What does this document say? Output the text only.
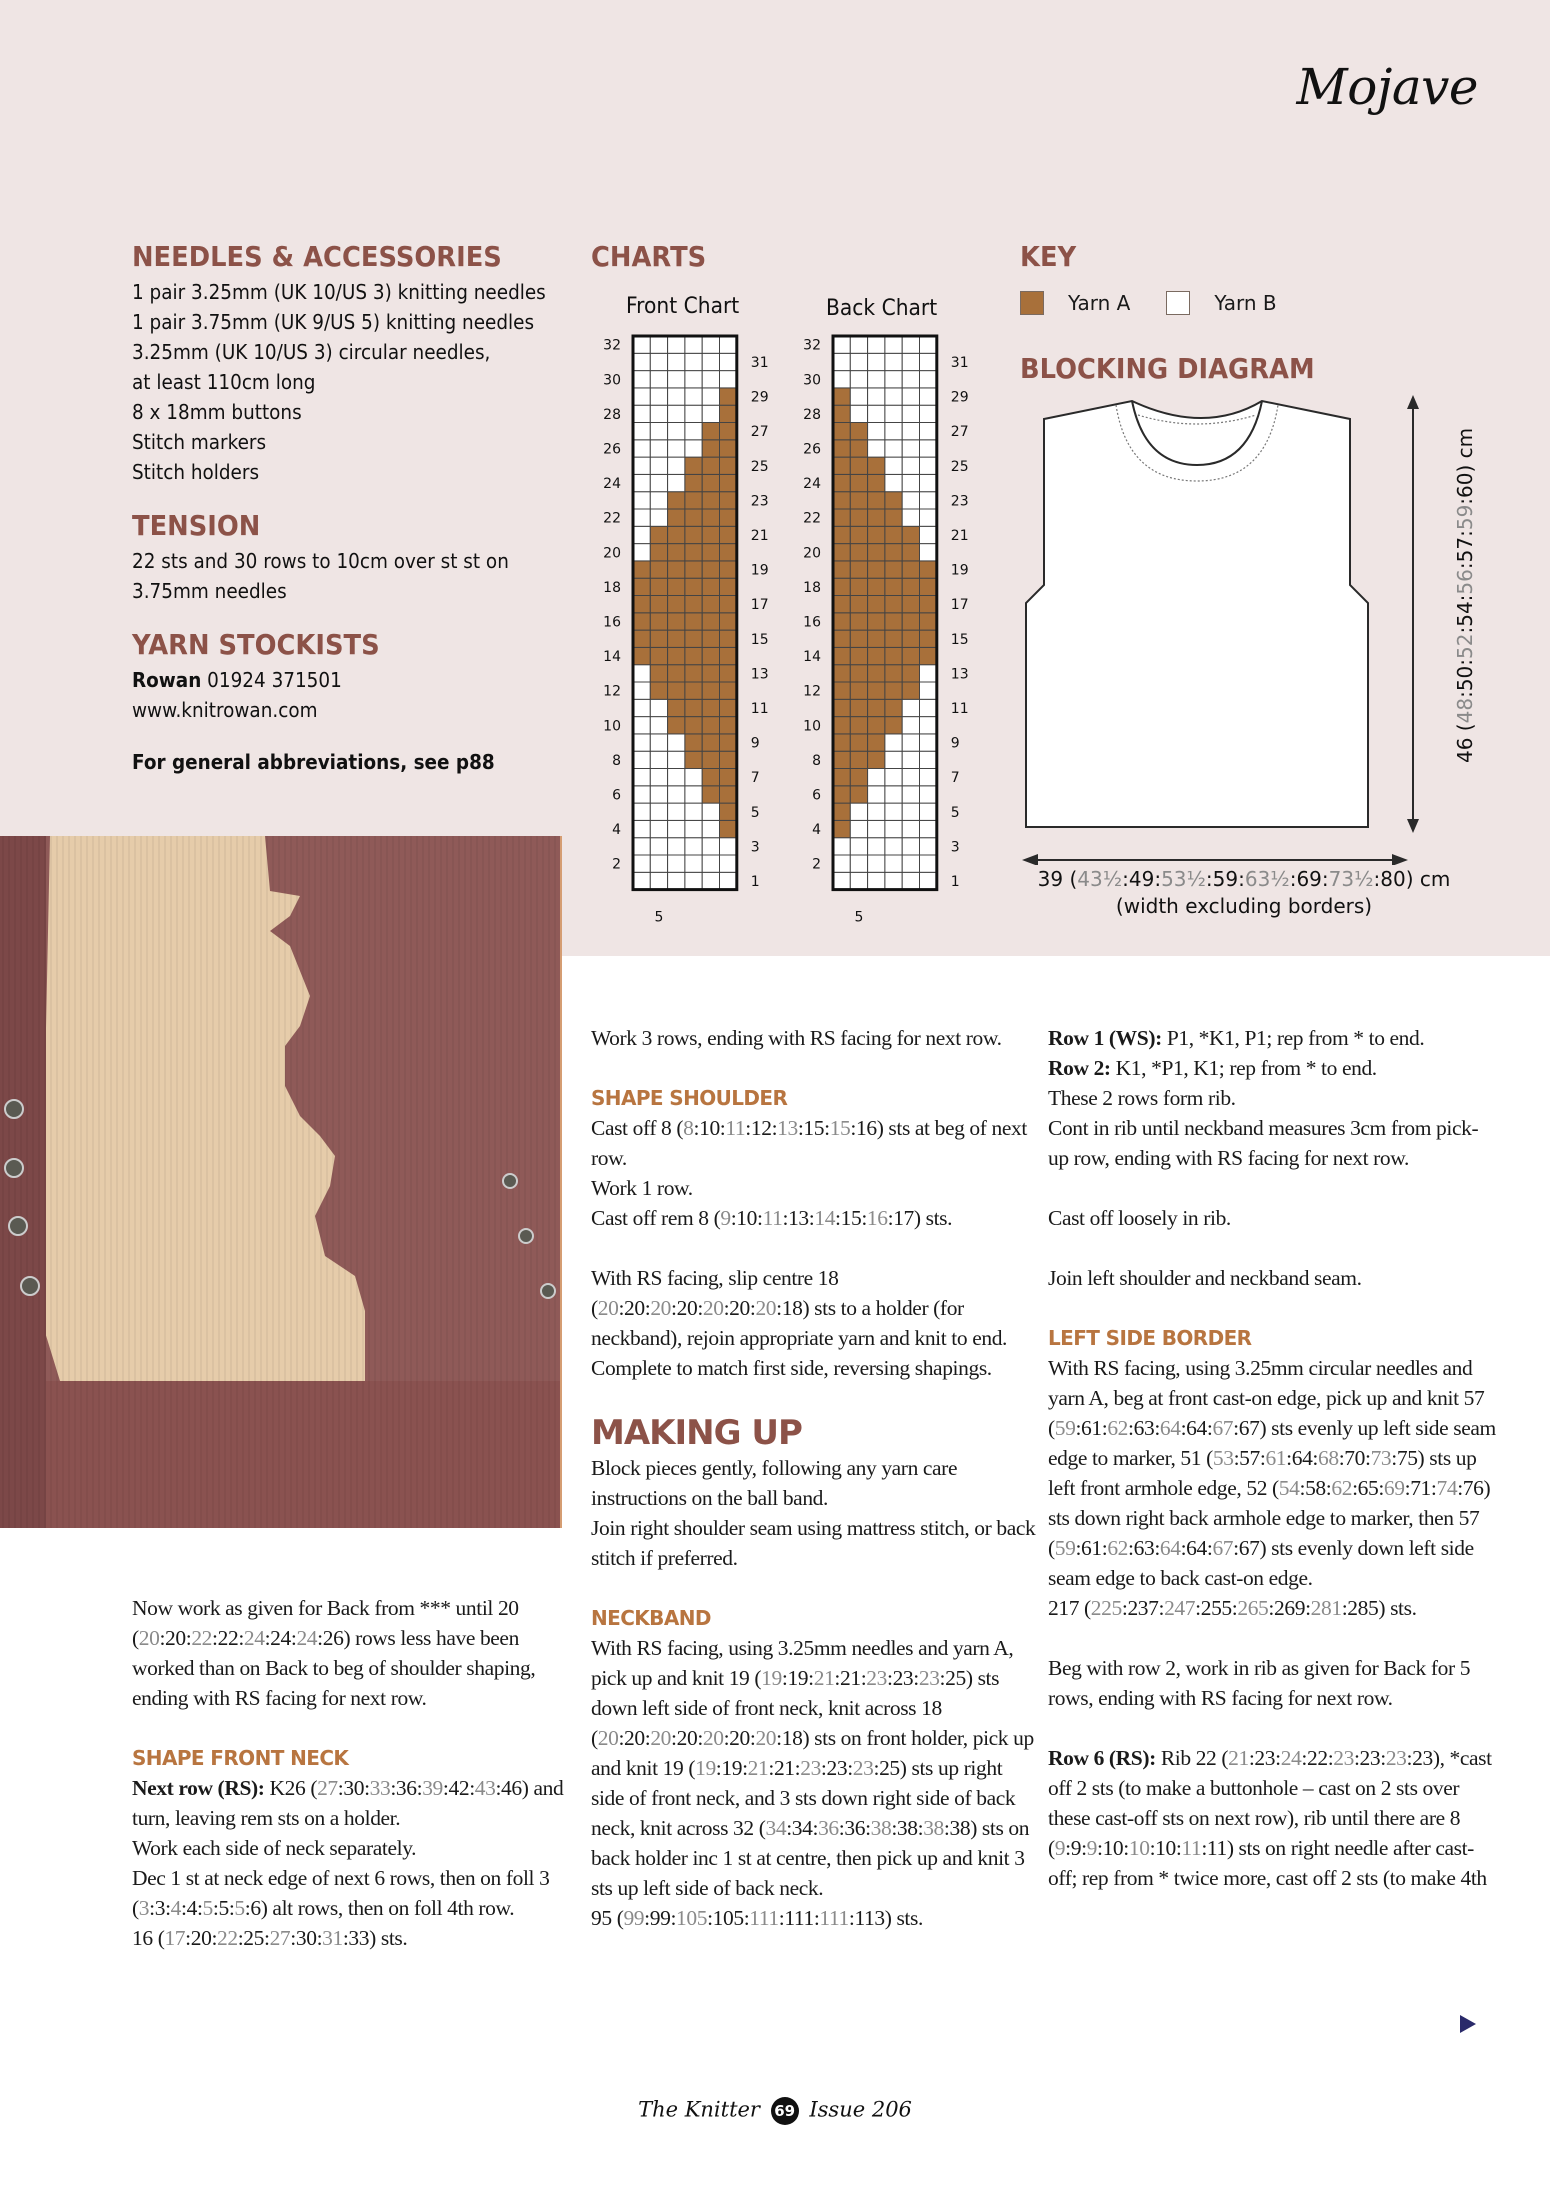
Mojave
NEEDLES & ACCESSORIES
1 pair 3.25mm (UK 10/US 3) knitting needles
1 pair 3.75mm (UK 9/US 5) knitting needles
3.25mm (UK 10/US 3) circular needles,
at least 110cm long
8 x 18mm buttons
Stitch markers
Stitch holders
TENSION
22 sts and 30 rows to 10cm over st st on
3.75mm needles
YARN STOCKISTS
Rowan 01924 371501
www.knitrowan.com
For general abbreviations, see p88
CHARTS
Front Chart	Back Chart
32
30
28
26
24
22
20
18
16
14
12
10
8
6
4
2
31
29
27
25
23
21
19
17
15
13
11
9
7
5
3
1
5
32
30
28
26
24
22
20
18
16
14
12
10
8
6
4
2
31
29
27
25
23
21
19
17
15
13
11
9
7
5
3
1
5
KEY
Yarn A	Yarn B
BLOCKING DIAGRAM
39 (43½:49:53½:59:63½:69:73½:80) cm
(width excluding borders)
46 (48:50:52:54:56:57:59:60) cm

Now work as given for Back from *** until 20 (20:20:22:22:24:24:24:26) rows less have been worked than on Back to beg of shoulder shaping, ending with RS facing for next row.

SHAPE FRONT NECK

Next row (RS): K26 (27:30:33:36:39:42:43:46) and turn, leaving rem sts on a holder.
Work each side of neck separately.
Dec 1 st at neck edge of next 6 rows, then on foll 3 (3:3:4:4:5:5:5:6) alt rows, then on foll 4th row.
16 (17:20:22:25:27:30:31:33) sts.

Work 3 rows, ending with RS facing for next row.

SHAPE SHOULDER

Cast off 8 (8:10:11:12:13:15:15:16) sts at beg of next row.
Work 1 row.
Cast off rem 8 (9:10:11:13:14:15:16:17) sts.

With RS facing, slip centre 18 (20:20:20:20:20:20:20:18) sts to a holder (for neckband), rejoin appropriate yarn and knit to end. Complete to match first side, reversing shapings.

MAKING UP

Block pieces gently, following any yarn care instructions on the ball band.
Join right shoulder seam using mattress stitch, or back stitch if preferred.

NECKBAND

With RS facing, using 3.25mm needles and yarn A, pick up and knit 19 (19:19:21:21:23:23:23:25) sts down left side of front neck, knit across 18 (20:20:20:20:20:20:20:18) sts on front holder, pick up and knit 19 (19:19:21:21:23:23:23:25) sts up right side of front neck, and 3 sts down right side of back neck, knit across 32 (34:34:36:36:38:38:38:38) sts on back holder inc 1 st at centre, then pick up and knit 3 sts up left side of back neck.
95 (99:99:105:105:111:111:111:113) sts.

Row 1 (WS): P1, *K1, P1; rep from * to end.
Row 2: K1, *P1, K1; rep from * to end.
These 2 rows form rib.
Cont in rib until neckband measures 3cm from pick-up row, ending with RS facing for next row.

Cast off loosely in rib.

Join left shoulder and neckband seam.

LEFT SIDE BORDER

With RS facing, using 3.25mm circular needles and yarn A, beg at front cast-on edge, pick up and knit 57 (59:61:62:63:64:64:67:67) sts evenly up left side seam edge to marker, 51 (53:57:61:64:68:70:73:75) sts up left front armhole edge, 52 (54:58:62:65:69:71:74:76) sts down right back armhole edge to marker, then 57 (59:61:62:63:64:64:67:67) sts evenly down left side seam edge to back cast-on edge.
217 (225:237:247:255:265:269:281:285) sts.

Beg with row 2, work in rib as given for Back for 5 rows, ending with RS facing for next row.

Row 6 (RS): Rib 22 (21:23:24:22:23:23:23:23), *cast off 2 sts (to make a buttonhole – cast on 2 sts over these cast-off sts on next row), rib until there are 8 (9:9:9:10:10:10:11:11) sts on right needle after cast-off; rep from * twice more, cast off 2 sts (to make 4th

The Knitter 69 Issue 206
